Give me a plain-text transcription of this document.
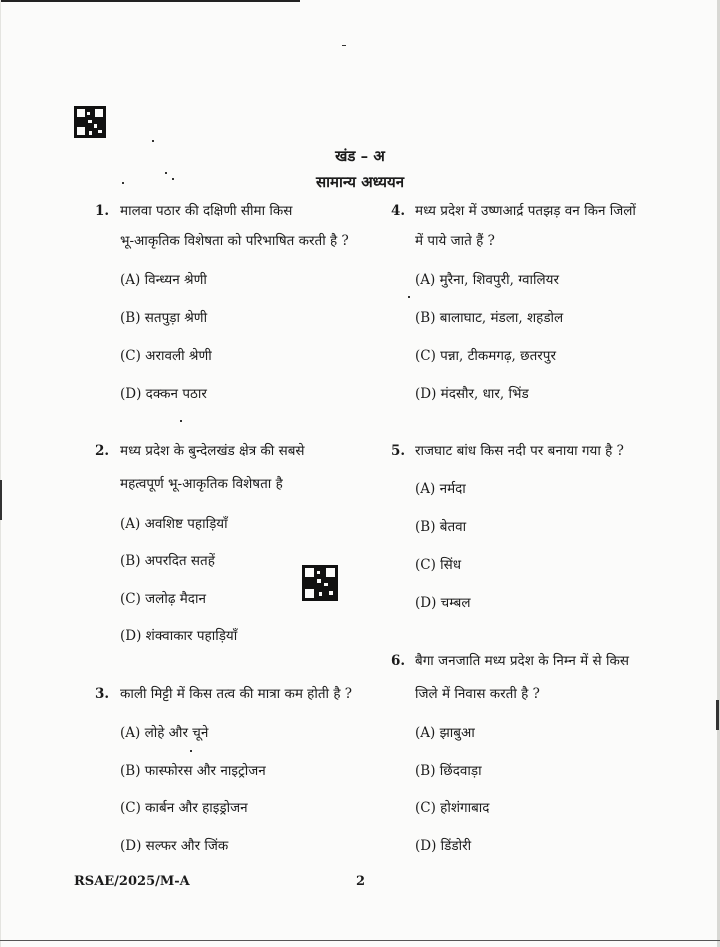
खंड – अ
सामान्य अध्ययन
1. मालवा पठार की दक्षिणी सीमा किस
भू-आकृतिक विशेषता को परिभाषित करती है ?
(A) विन्ध्यन श्रेणी
(B) सतपुड़ा श्रेणी
(C) अरावली श्रेणी
(D) दक्कन पठार
2. मध्य प्रदेश के बुन्देलखंड क्षेत्र की सबसे
महत्वपूर्ण भू-आकृतिक विशेषता है
(A) अवशिष्ट पहाड़ियाँ
(B) अपरदित सतहें
(C) जलोढ़ मैदान
(D) शंक्वाकार पहाड़ियाँ
3. काली मिट्टी में किस तत्व की मात्रा कम होती है ?
(A) लोहे और चूने
(B) फास्फोरस और नाइट्रोजन
(C) कार्बन और हाइड्रोजन
(D) सल्फर और जिंक
4. मध्य प्रदेश में उष्णआर्द्र पतझड़ वन किन जिलों
में पाये जाते हैं ?
(A) मुरैना, शिवपुरी, ग्वालियर
(B) बालाघाट, मंडला, शहडोल
(C) पन्ना, टीकमगढ़, छतरपुर
(D) मंदसौर, धार, भिंड
5. राजघाट बांध किस नदी पर बनाया गया है ?
(A) नर्मदा
(B) बेतवा
(C) सिंध
(D) चम्बल
6. बैगा जनजाति मध्य प्रदेश के निम्न में से किस
जिले में निवास करती है ?
(A) झाबुआ
(B) छिंदवाड़ा
(C) होशंगाबाद
(D) डिंडोरी
RSAE/2025/M-A	2
